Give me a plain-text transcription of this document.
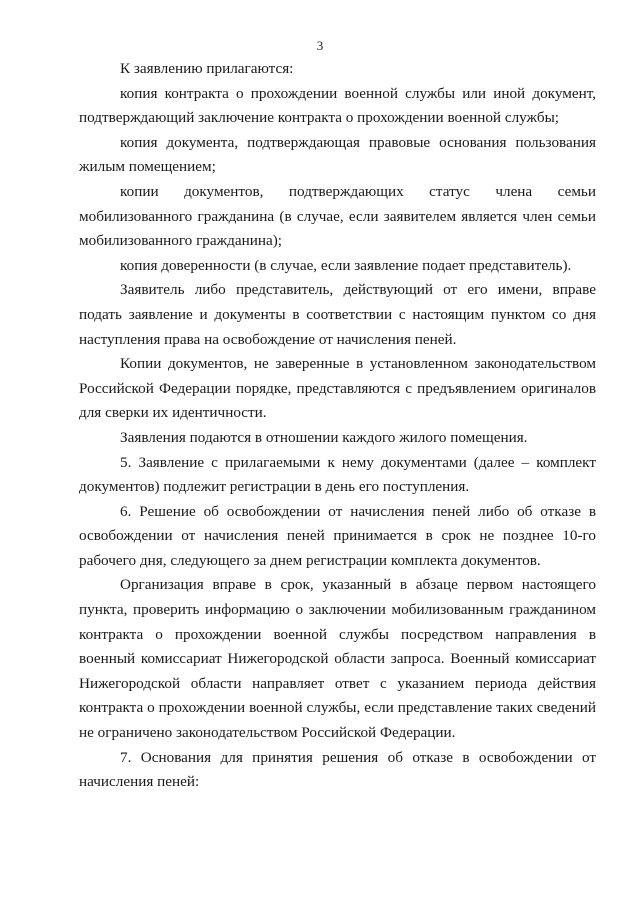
3

К заявлению прилагаются:

копия контракта о прохождении военной службы или иной документ, подтверждающий заключение контракта о прохождении военной службы;

копия документа, подтверждающая правовые основания пользования жилым помещением;

копии документов, подтверждающих статус члена семьи мобилизованного гражданина (в случае, если заявителем является член семьи мобилизованного гражданина);

копия доверенности (в случае, если заявление подает представитель).

Заявитель либо представитель, действующий от его имени, вправе подать заявление и документы в соответствии с настоящим пунктом со дня наступления права на освобождение от начисления пеней.

Копии документов, не заверенные в установленном законодательством Российской Федерации порядке, представляются с предъявлением оригиналов для сверки их идентичности.

Заявления подаются в отношении каждого жилого помещения.

5. Заявление с прилагаемыми к нему документами (далее – комплект документов) подлежит регистрации в день его поступления.

6. Решение об освобождении от начисления пеней либо об отказе в освобождении от начисления пеней принимается в срок не позднее 10-го рабочего дня, следующего за днем регистрации комплекта документов.

Организация вправе в срок, указанный в абзаце первом настоящего пункта, проверить информацию о заключении мобилизованным гражданином контракта о прохождении военной службы посредством направления в военный комиссариат Нижегородской области запроса. Военный комиссариат Нижегородской области направляет ответ с указанием периода действия контракта о прохождении военной службы, если представление таких сведений не ограничено законодательством Российской Федерации.

7. Основания для принятия решения об отказе в освобождении от начисления пеней:
